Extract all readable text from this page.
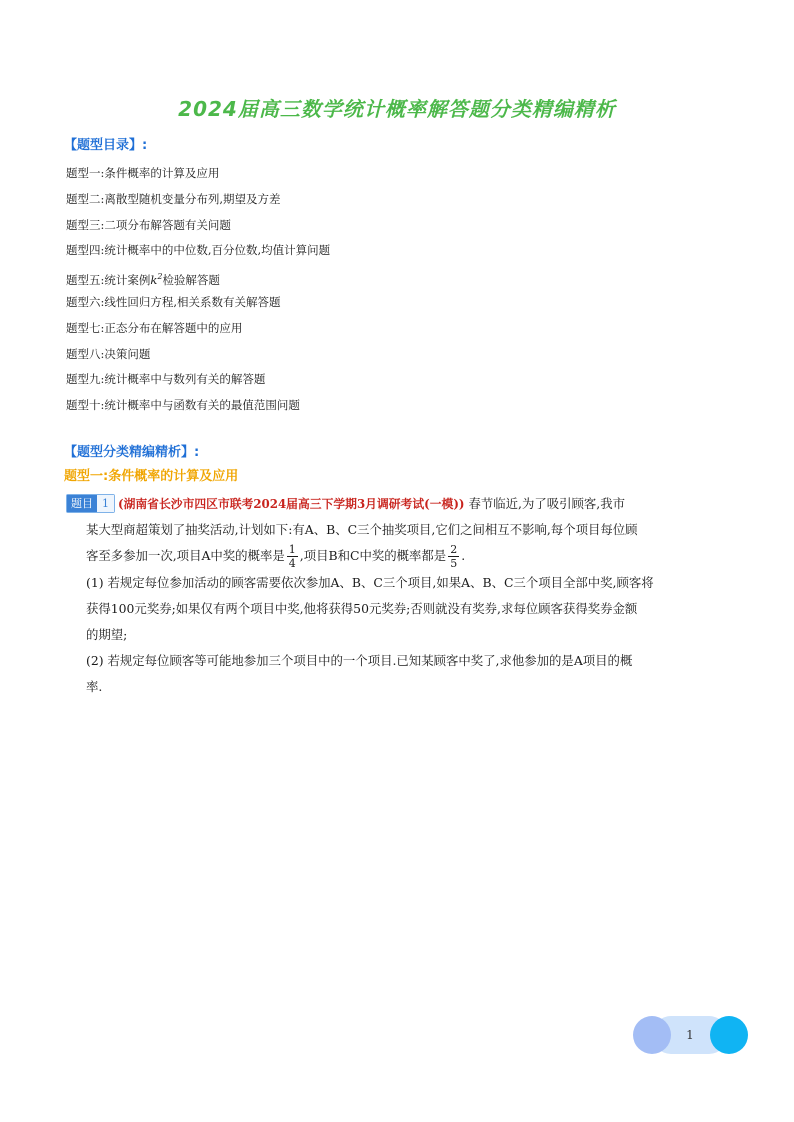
2024届高三数学统计概率解答题分类精编精析

【题型目录】:

题型一:条件概率的计算及应用
题型二:离散型随机变量分布列,期望及方差
题型三:二项分布解答题有关问题
题型四:统计概率中的中位数,百分位数,均值计算问题
题型五:统计案例$k^2$检验解答题
题型六:线性回归方程,相关系数有关解答题
题型七:正态分布在解答题中的应用
题型八:决策问题
题型九:统计概率中与数列有关的解答题
题型十:统计概率中与函数有关的最值范围问题

【题型分类精编精析】:

题型一:条件概率的计算及应用

题目 1 (湖南省长沙市四区市联考2024届高三下学期3月调研考试(一模)) 春节临近,为了吸引顾客,我市
某大型商超策划了抽奖活动,计划如下:有A、B、C三个抽奖项目,它们之间相互不影响,每个项目每位顾
客至多参加一次,项目A中奖的概率是 $\frac{1}{4}$ ,项目B和C中奖的概率都是 $\frac{2}{5}$ .
(1) 若规定每位参加活动的顾客需要依次参加A、B、C三个项目,如果A、B、C三个项目全部中奖,顾客将
获得100元奖券;如果仅有两个项目中奖,他将获得50元奖券;否则就没有奖券,求每位顾客获得奖券金额
的期望;
(2) 若规定每位顾客等可能地参加三个项目中的一个项目.已知某顾客中奖了,求他参加的是A项目的概
率.
1
